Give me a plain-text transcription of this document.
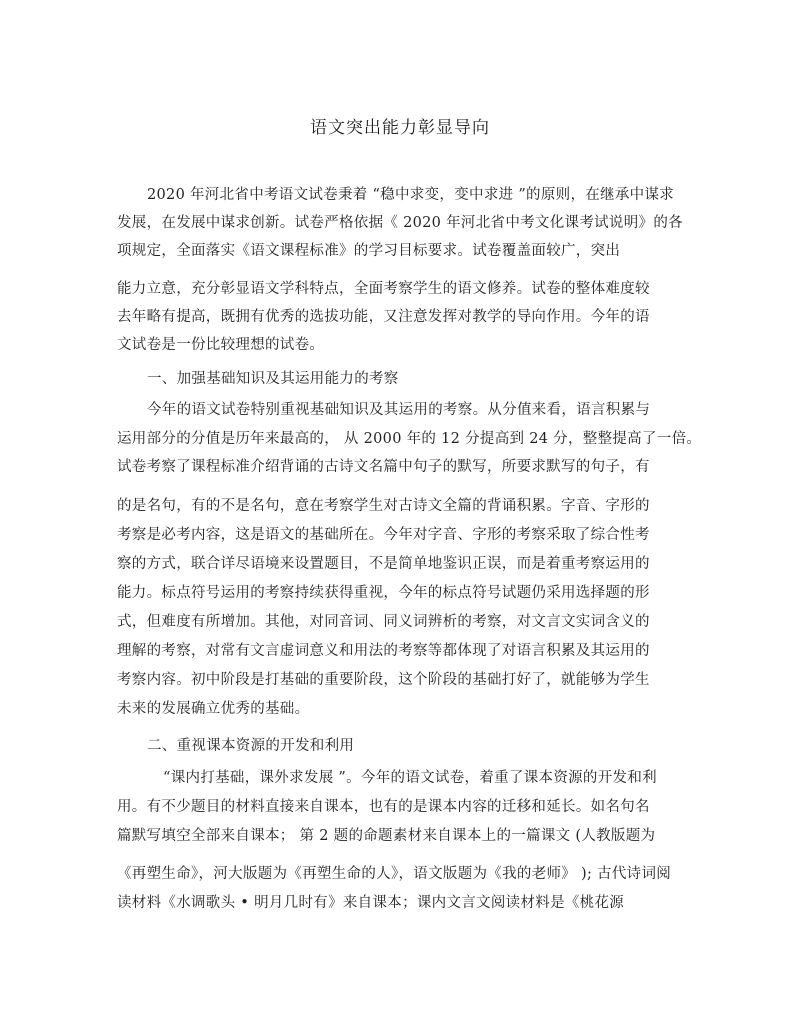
语文突出能力彰显导向
2020 年河北省中考语文试卷秉着 “稳中求变，变中求进 ”的原则，在继承中谋求
发展，在发展中谋求创新。试卷严格依据《 2020 年河北省中考文化课考试说明》的各
项规定，全面落实《语文课程标准》的学习目标要求。试卷覆盖面较广，突出
能力立意，充分彰显语文学科特点，全面考察学生的语文修养。试卷的整体难度较
去年略有提高，既拥有优秀的选拔功能，又注意发挥对教学的导向作用。今年的语
文试卷是一份比较理想的试卷。
一、加强基础知识及其运用能力的考察
今年的语文试卷特别重视基础知识及其运用的考察。从分值来看，语言积累与
运用部分的分值是历年来最高的， 从 2000 年的 12 分提高到 24 分，整整提高了一倍。
试卷考察了课程标准介绍背诵的古诗文名篇中句子的默写，所要求默写的句子，有
的是名句，有的不是名句，意在考察学生对古诗文全篇的背诵积累。字音、字形的
考察是必考内容，这是语文的基础所在。今年对字音、字形的考察采取了综合性考
察的方式，联合详尽语境来设置题目，不是简单地鉴识正误，而是着重考察运用的
能力。标点符号运用的考察持续获得重视，今年的标点符号试题仍采用选择题的形
式，但难度有所增加。其他，对同音词、同义词辨析的考察，对文言文实词含义的
理解的考察，对常有文言虚词意义和用法的考察等都体现了对语言积累及其运用的
考察内容。初中阶段是打基础的重要阶段，这个阶段的基础打好了，就能够为学生
未来的发展确立优秀的基础。
二、重视课本资源的开发和利用
“课内打基础，课外求发展 ”。今年的语文试卷，着重了课本资源的开发和利
用。有不少题目的材料直接来自课本，也有的是课本内容的迁移和延长。如名句名
篇默写填空全部来自课本； 第 2 题的命题素材来自课本上的一篇课文 (人教版题为
《再塑生命》，河大版题为《再塑生命的人》，语文版题为《我的老师》 ); 古代诗词阅
读材料《水调歌头 • 明月几时有》来自课本；课内文言文阅读材料是《桃花源
